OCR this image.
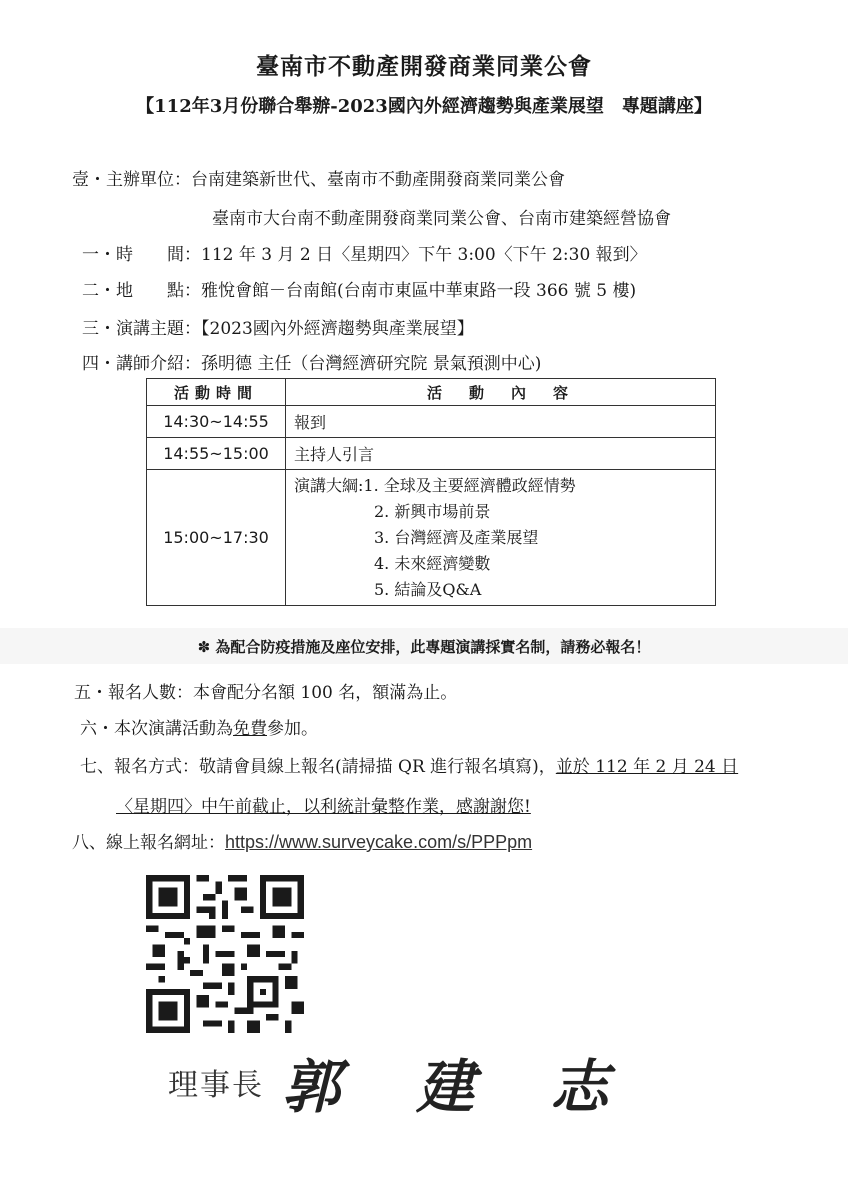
臺南市不動產開發商業同業公會
【112年3月份聯合舉辦-2023國內外經濟趨勢與產業展望　專題講座】
壹・主辦單位：台南建築新世代、臺南市不動產開發商業同業公會
臺南市大台南不動產開發商業同業公會、台南市建築經營協會
一・時　　間：112 年 3 月 2 日〈星期四〉下午 3:00〈下午 2:30 報到〉
二・地　　點：雅悅會館－台南館(台南市東區中華東路一段 366 號 5 樓)
三・演講主題：【2023國內外經濟趨勢與產業展望】
四・講師介紹：孫明德 主任（台灣經濟研究院 景氣預測中心)
活動時間	活　動　內　容
14:30~14:55	報到
14:55~15:00	主持人引言
15:00~17:30	演講大綱:1. 全球及主要經濟體政經情勢
2. 新興市場前景
3. 台灣經濟及產業展望
4. 未來經濟變數
5. 結論及Q&A
✽ 為配合防疫措施及座位安排，此專題演講採實名制，請務必報名！
五・報名人數：本會配分名額 100 名，額滿為止。
六・本次演講活動為免費參加。
七、報名方式：敬請會員線上報名(請掃描 QR 進行報名填寫)，並於 112 年 2 月 24 日
〈星期四〉中午前截止，以利統計彙整作業，感謝謝您!
八、線上報名網址：https://www.surveycake.com/s/PPPpm
理事長 郭 建 志
